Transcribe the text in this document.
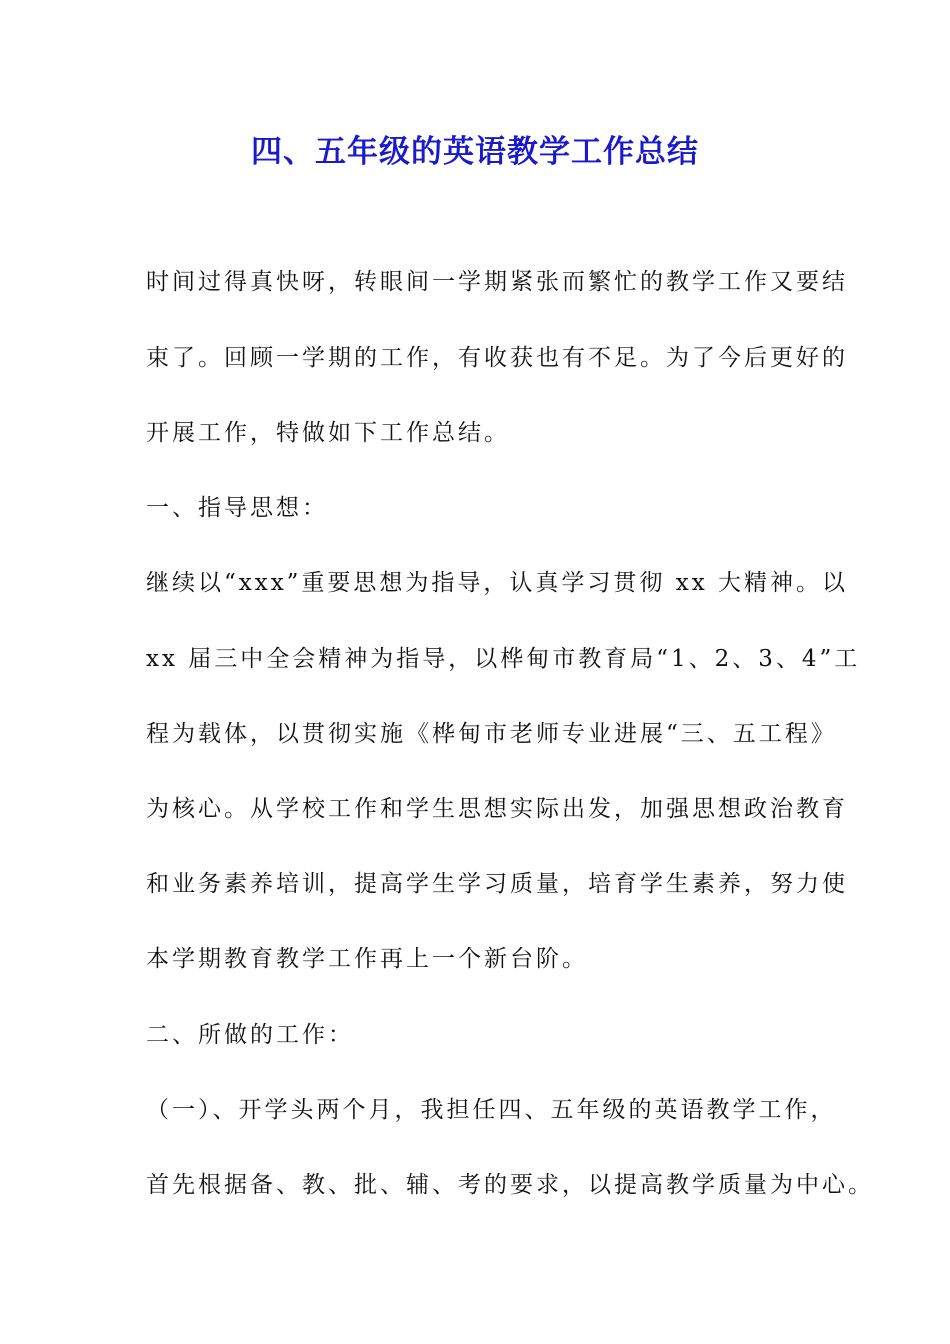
四、五年级的英语教学工作总结

时间过得真快呀，转眼间一学期紧张而繁忙的教学工作又要结

束了。回顾一学期的工作，有收获也有不足。为了今后更好的

开展工作，特做如下工作总结。

一、指导思想：

继续以“xxx”重要思想为指导，认真学习贯彻 xx 大精神。以

xx 届三中全会精神为指导，以桦甸市教育局“1、2、3、4”工

程为载体，以贯彻实施《桦甸市老师专业进展“三、五工程》

为核心。从学校工作和学生思想实际出发，加强思想政治教育

和业务素养培训，提高学生学习质量，培育学生素养，努力使

本学期教育教学工作再上一个新台阶。

二、所做的工作：

（一）、开学头两个月，我担任四、五年级的英语教学工作，

首先根据备、教、批、辅、考的要求，以提高教学质量为中心。
